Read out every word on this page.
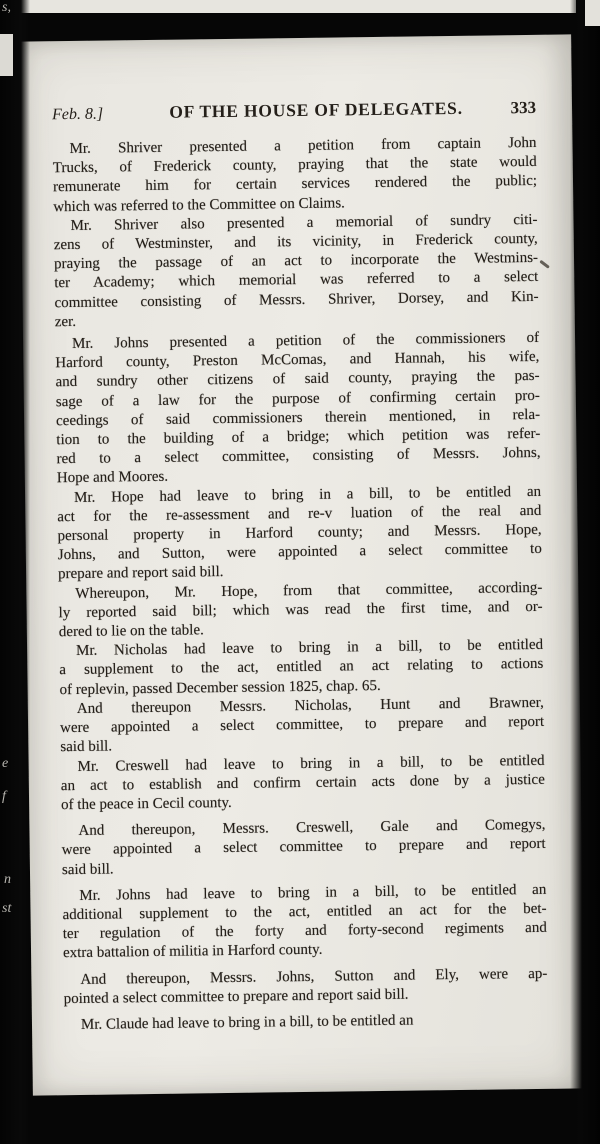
Feb. 8.]	OF THE HOUSE OF DELEGATES.	333

Mr. Shriver presented a petition from captain John
Trucks, of Frederick county, praying that the state would
remunerate him for certain services rendered the public;
which was referred to the Committee on Claims.

Mr. Shriver also presented a memorial of sundry citi-
zens of Westminster, and its vicinity, in Frederick county,
praying the passage of an act to incorporate the Westmins-
ter Academy; which memorial was referred to a select
committee consisting of Messrs. Shriver, Dorsey, and Kin-
zer.

Mr. Johns presented a petition of the commissioners of
Harford county, Preston McComas, and Hannah, his wife,
and sundry other citizens of said county, praying the pas-
sage of a law for the purpose of confirming certain pro-
ceedings of said commissioners therein mentioned, in rela-
tion to the building of a bridge; which petition was refer-
red to a select committee, consisting of Messrs. Johns,
Hope and Moores.

Mr. Hope had leave to bring in a bill, to be entitled an
act for the re-assessment and re-v luation of the real and
personal property in Harford county; and Messrs. Hope,
Johns, and Sutton, were appointed a select committee to
prepare and report said bill.

Whereupon, Mr. Hope, from that committee, according-
ly reported said bill; which was read the first time, and or-
dered to lie on the table.

Mr. Nicholas had leave to bring in a bill, to be entitled
a supplement to the act, entitled an act relating to actions
of replevin, passed December session 1825, chap. 65.

And thereupon Messrs. Nicholas, Hunt and Brawner,
were appointed a select committee, to prepare and report
said bill.

Mr. Creswell had leave to bring in a bill, to be entitled
an act to establish and confirm certain acts done by a justice
of the peace in Cecil county.

And thereupon, Messrs. Creswell, Gale and Comegys,
were appointed a select committee to prepare and report
said bill.

Mr. Johns had leave to bring in a bill, to be entitled an
additional supplement to the act, entitled an act for the bet-
ter regulation of the forty and forty-second regiments and
extra battalion of militia in Harford county.

And thereupon, Messrs. Johns, Sutton and Ely, were ap-
pointed a select committee to prepare and report said bill.

Mr. Claude had leave to bring in a bill, to be entitled an

s,
e
f
n
st
